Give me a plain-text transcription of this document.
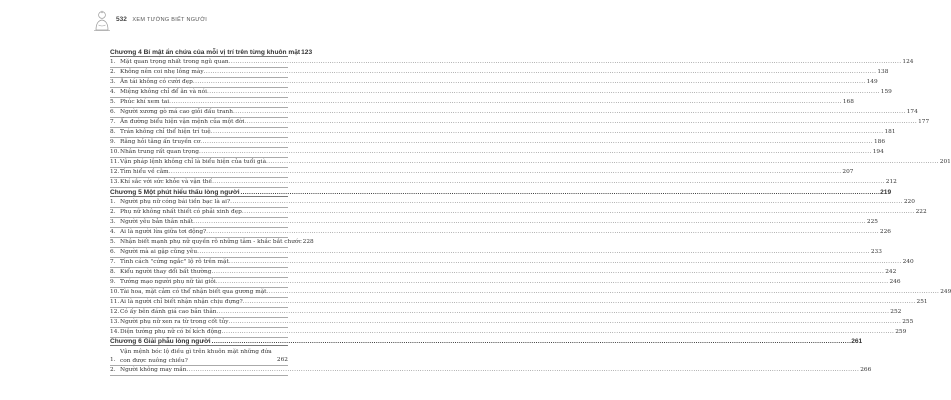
532 XEM TƯỚNG BIẾT NGƯỜI
Chương 4 Bí mật ẩn chứa của mỗi vị trí trên từng khuôn mặt 123
1. Mặt quan trọng nhất trong ngũ quan ............................................................................................................................................................................................................................................................................................................ 124
2. Không nên coi nhẹ lông mày ............................................................................................................................................................................................................................................................................................................ 138
3. Ăn tái không có cười đẹp ............................................................................................................................................................................................................................................................................................................ 149
4. Miệng không chỉ để ăn và nói ............................................................................................................................................................................................................................................................................................................ 159
5. Phúc khí xem tai ............................................................................................................................................................................................................................................................................................................ 168
6. Người xương gò má cao giỏi đấu tranh ............................................................................................................................................................................................................................................................................................................ 174
7. Ấn đường biểu hiện vận mệnh của một đời ............................................................................................................................................................................................................................................................................................................ 177
8. Trán không chỉ thể hiện trí tuệ ............................................................................................................................................................................................................................................................................................................ 181
9. Răng hỏi tăng ấn truyền cơ ............................................................................................................................................................................................................................................................................................................ 186
10. Nhân trung rất quan trọng ............................................................................................................................................................................................................................................................................................................ 194
11. Vận pháp lệnh không chỉ là biểu hiện của tuổi già ............................................................................................................................................................................................................................................................................................................ 201
12. Tìm hiểu về cằm ............................................................................................................................................................................................................................................................................................................ 207
13. Khí sắc với sức khỏe và vận thế ............................................................................................................................................................................................................................................................................................................ 212
Chương 5 Một phút hiểu thấu lòng người ............................................................................................................................................................................................................................................................................................................ 219
1. Người phụ nữ cóng bái tiền bạc là ai? ............................................................................................................................................................................................................................................................................................................ 220
2. Phụ nữ không nhất thiết có phải xinh đẹp ............................................................................................................................................................................................................................................................................................................ 222
3. Người yêu bản thân nhất ............................................................................................................................................................................................................................................................................................................ 225
4. Ai là người lừa giữa tơi động? ............................................................................................................................................................................................................................................................................................................ 226
5. Nhận biết mạnh phụ nữ quyền rõ những tâm - khắc bắt chước 228
6. Người mà ai gặp cũng yêu ............................................................................................................................................................................................................................................................................................................ 233
7. Tình cách "cứng ngắc" lộ rõ trên mặt ............................................................................................................................................................................................................................................................................................................ 240
8. Kiểu người thay đổi bất thường ............................................................................................................................................................................................................................................................................................................ 242
9. Tướng mạo người phụ nữ tài giỏi ............................................................................................................................................................................................................................................................................................................ 246
10. Tài hoa, mặt cảm có thể nhận biết qua gương mặt ............................................................................................................................................................................................................................................................................................................ 249
11. Ai là người chỉ biết nhận nhận chịu đựng? ............................................................................................................................................................................................................................................................................................................ 251
12. Có ấy bên đánh giá cao bản thân ............................................................................................................................................................................................................................................................................................................ 252
13. Người phụ nữ xen ra từ trong cốt tủy ............................................................................................................................................................................................................................................................................................................ 255
14. Diện tướng phụ nữ có bí kích động ............................................................................................................................................................................................................................................................................................................ 259
Chương 6 Giải phẫu lòng người ............................................................................................................................................................................................................................................................................................................ 261
1.
Vận mệnh bóc lộ điều gì trên khuôn mặt những đứa con được nuông chiều?	262
2. Người không may mắn ............................................................................................................................................................................................................................................................................................................ 266
